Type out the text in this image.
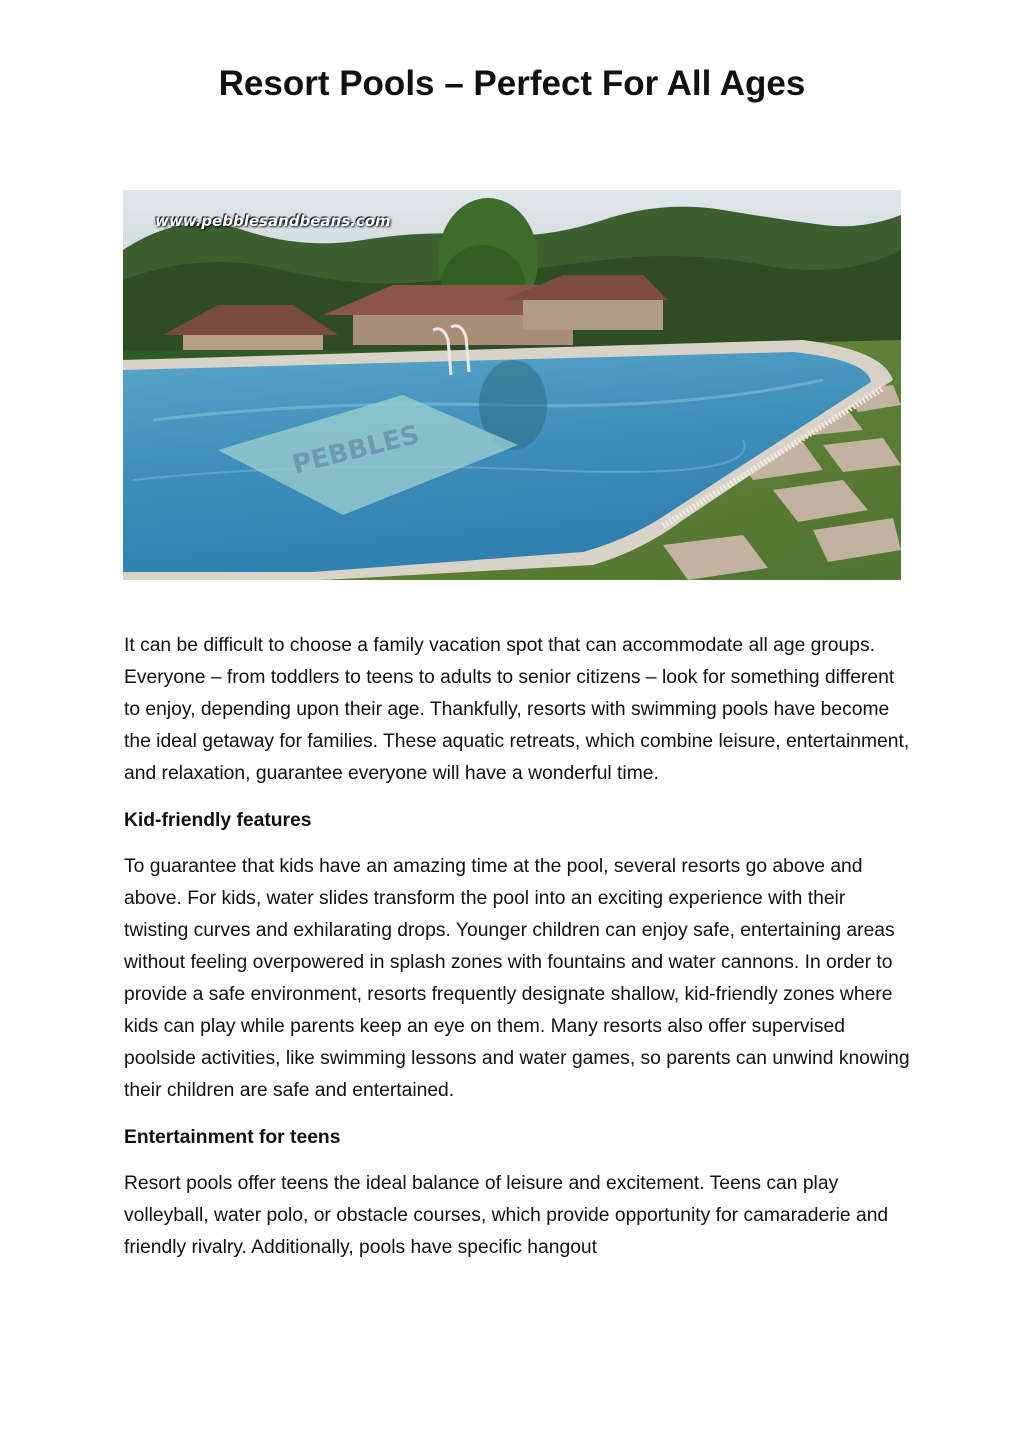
Resort Pools – Perfect For All Ages
PEBBLES
www.pebblesandbeans.com

It can be difficult to choose a family vacation spot that can accommodate all age groups. Everyone – from toddlers to teens to adults to senior citizens – look for something different to enjoy, depending upon their age. Thankfully, resorts with swimming pools have become the ideal getaway for families. These aquatic retreats, which combine leisure, entertainment, and relaxation, guarantee everyone will have a wonderful time.

Kid-friendly features

To guarantee that kids have an amazing time at the pool, several resorts go above and above. For kids, water slides transform the pool into an exciting experience with their twisting curves and exhilarating drops. Younger children can enjoy safe, entertaining areas without feeling overpowered in splash zones with fountains and water cannons. In order to provide a safe environment, resorts frequently designate shallow, kid-friendly zones where kids can play while parents keep an eye on them. Many resorts also offer supervised poolside activities, like swimming lessons and water games, so parents can unwind knowing their children are safe and entertained.

Entertainment for teens

Resort pools offer teens the ideal balance of leisure and excitement. Teens can play volleyball, water polo, or obstacle courses, which provide opportunity for camaraderie and friendly rivalry. Additionally, pools have specific hangout
